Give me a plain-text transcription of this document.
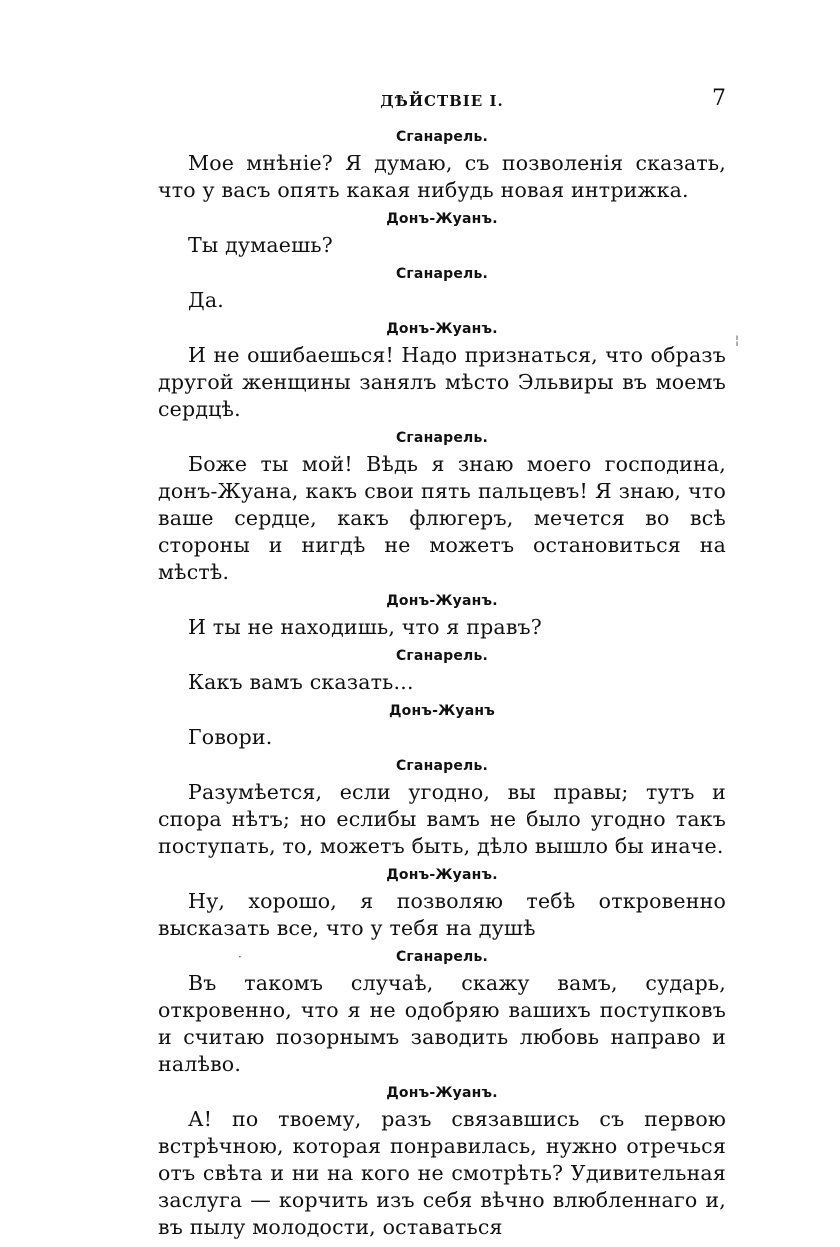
ДѢЙСТВІЕ I.	7
Сганарель.

Мое мнѣніе? Я думаю, съ позволенія сказать, что у васъ опять какая нибудь новая интрижка.

Донъ-Жуанъ.

Ты думаешь?

Сганарель.

Да.

Донъ-Жуанъ.

И не ошибаешься! Надо признаться, что образъ другой женщины занялъ мѣсто Эльвиры въ моемъ сердцѣ.

Сганарель.

Боже ты мой! Вѣдь я знаю моего господина, донъ-Жуана, какъ свои пять пальцевъ! Я знаю, что ваше сердце, какъ флюгеръ, мечется во всѣ стороны и нигдѣ не можетъ остановиться на мѣстѣ.

Донъ-Жуанъ.

И ты не находишь, что я правъ?

Сганарель.

Какъ вамъ сказать...

Донъ-Жуанъ

Говори.

Сганарель.

Разумѣется, если угодно, вы правы; тутъ и спора нѣтъ; но еслибы вамъ не было угодно такъ поступать, то, можетъ быть, дѣло вышло бы иначе.

Донъ-Жуанъ.

Ну, хорошо, я позволяю тебѣ откровенно высказать все, что у тебя на душѣ

Сганарель.

Въ такомъ случаѣ, скажу вамъ, сударь, откровенно, что я не одобряю вашихъ поступковъ и считаю позорнымъ заводить любовь направо и налѣво.

Донъ-Жуанъ.

А! по твоему, разъ связавшись съ первою встрѣчною, которая понравилась, нужно отречься отъ свѣта и ни на кого не смотрѣть? Удивительная заслуга — корчить изъ себя вѣчно влюбленнаго и, въ пылу молодости, оставаться

¦
·
